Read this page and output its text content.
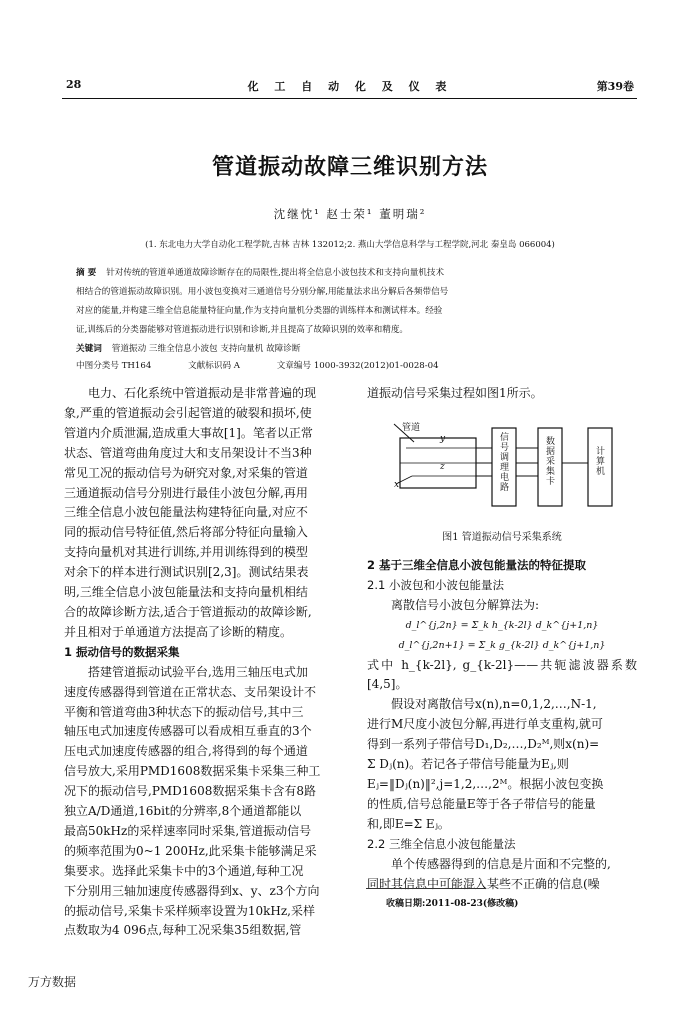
28	化 工 自 动 化 及 仪 表	第39卷
管道振动故障三维识别方法
沈继忱¹ 赵士荣¹ 董明瑞²
(1. 东北电力大学自动化工程学院,吉林 吉林 132012;2. 燕山大学信息科学与工程学院,河北 秦皇岛 066004)
摘 要 针对传统的管道单通道故障诊断存在的局限性,提出将全信息小波包技术和支持向量机技术
相结合的管道振动故障识别。用小波包变换对三通道信号分别分解,用能量法求出分解后各频带信号
对应的能量,并构建三维全信息能量特征向量,作为支持向量机分类器的训练样本和测试样本。经验
证,训练后的分类器能够对管道振动进行识别和诊断,并且提高了故障识别的效率和精度。
关键词 管道振动 三维全信息小波包 支持向量机 故障诊断
中图分类号 TH164	文献标识码 A	文章编号 1000-3932(2012)01-0028-04

电力、石化系统中管道振动是非常普遍的现

象,严重的管道振动会引起管道的破裂和损坏,使

管道内介质泄漏,造成重大事故[1]。笔者以正常

状态、管道弯曲角度过大和支吊架设计不当3种

常见工况的振动信号为研究对象,对采集的管道

三通道振动信号分别进行最佳小波包分解,再用

三维全信息小波包能量法构建特征向量,对应不

同的振动信号特征值,然后将部分特征向量输入

支持向量机对其进行训练,并用训练得到的模型

对余下的样本进行测试识别[2,3]。测试结果表

明,三维全信息小波包能量法和支持向量机相结

合的故障诊断方法,适合于管道振动的故障诊断,

并且相对于单通道方法提高了诊断的精度。

1 振动信号的数据采集

搭建管道振动试验平台,选用三轴压电式加

速度传感器得到管道在正常状态、支吊架设计不

平衡和管道弯曲3种状态下的振动信号,其中三

轴压电式加速度传感器可以看成相互垂直的3个

压电式加速度传感器的组合,将得到的每个通道

信号放大,采用PMD1608数据采集卡采集三种工

况下的振动信号,PMD1608数据采集卡含有8路

独立A/D通道,16bit的分辨率,8个通道都能以

最高50kHz的采样速率同时采集,管道振动信号

的频率范围为0~1 200Hz,此采集卡能够满足采

集要求。选择此采集卡中的3个通道,每种工况

下分别用三轴加速度传感器得到x、y、z3个方向

的振动信号,采集卡采样频率设置为10kHz,采样

点数取为4 096点,每种工况采集35组数据,管

道振动信号采集过程如图1所示。

管道
y
z
x	信号调理电路	数据采集卡	计算机
图1 管道振动信号采集系统

2 基于三维全信息小波包能量法的特征提取

2.1 小波包和小波包能量法

离散信号小波包分解算法为:

d_l^{j,2n} = Σ_k h_{k-2l} d_k^{j+1,n}

d_l^{j,2n+1} = Σ_k g_{k-2l} d_k^{j+1,n}

式中 h_{k-2l}, g_{k-2l}——共轭滤波器系数[4,5]。

假设对离散信号x(n),n=0,1,2,…,N-1,

进行M尺度小波包分解,再进行单支重构,就可

得到一系列子带信号D₁,D₂,…,D₂ᴹ,则x(n)=

Σ Dⱼ(n)。若记各子带信号能量为Eⱼ,则

Eⱼ=‖Dⱼ(n)‖²,j=1,2,…,2ᴹ。根据小波包变换

的性质,信号总能量E等于各子带信号的能量

和,即E=Σ Eⱼ。

2.2 三维全信息小波包能量法

单个传感器得到的信息是片面和不完整的,

同时其信息中可能混入某些不正确的信息(噪

收稿日期:2011-08-23(修改稿)
万方数据
